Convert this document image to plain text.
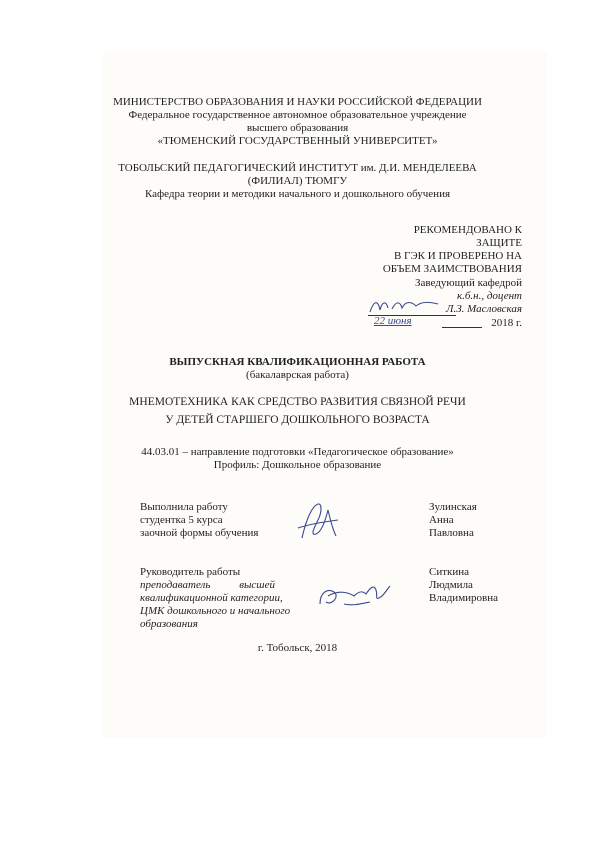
МИНИСТЕРСТВО ОБРАЗОВАНИЯ И НАУКИ РОССИЙСКОЙ ФЕДЕРАЦИИ
Федеральное государственное автономное образовательное учреждение
высшего образования
«ТЮМЕНСКИЙ ГОСУДАРСТВЕННЫЙ УНИВЕРСИТЕТ»
ТОБОЛЬСКИЙ ПЕДАГОГИЧЕСКИЙ ИНСТИТУТ им. Д.И. МЕНДЕЛЕЕВА
(ФИЛИАЛ) ТЮМГУ
Кафедра теории и методики начального и дошкольного обучения
РЕКОМЕНДОВАНО К
ЗАЩИТЕ
В ГЭК И ПРОВЕРЕНО НА
ОБЪЕМ ЗАИМСТВОВАНИЯ
Заведующий кафедрой
к.б.н., доцент
Л.З. Масловская
22 июня	2018 г.
ВЫПУСКНАЯ КВАЛИФИКАЦИОННАЯ РАБОТА
(бакалаврская работа)
МНЕМОТЕХНИКА КАК СРЕДСТВО РАЗВИТИЯ СВЯЗНОЙ РЕЧИ
У ДЕТЕЙ СТАРШЕГО ДОШКОЛЬНОГО ВОЗРАСТА
44.03.01 – направление подготовки «Педагогическое образование»
Профиль: Дошкольное образование
Выполнила работу
студентка 5 курса
заочной формы обучения
Зулинская
Анна
Павловна
Руководитель работы
преподаватель высшей
квалификационной категории,
ЦМК дошкольного и начального
образования
Ситкина
Людмила
Владимировна
г. Тобольск, 2018
